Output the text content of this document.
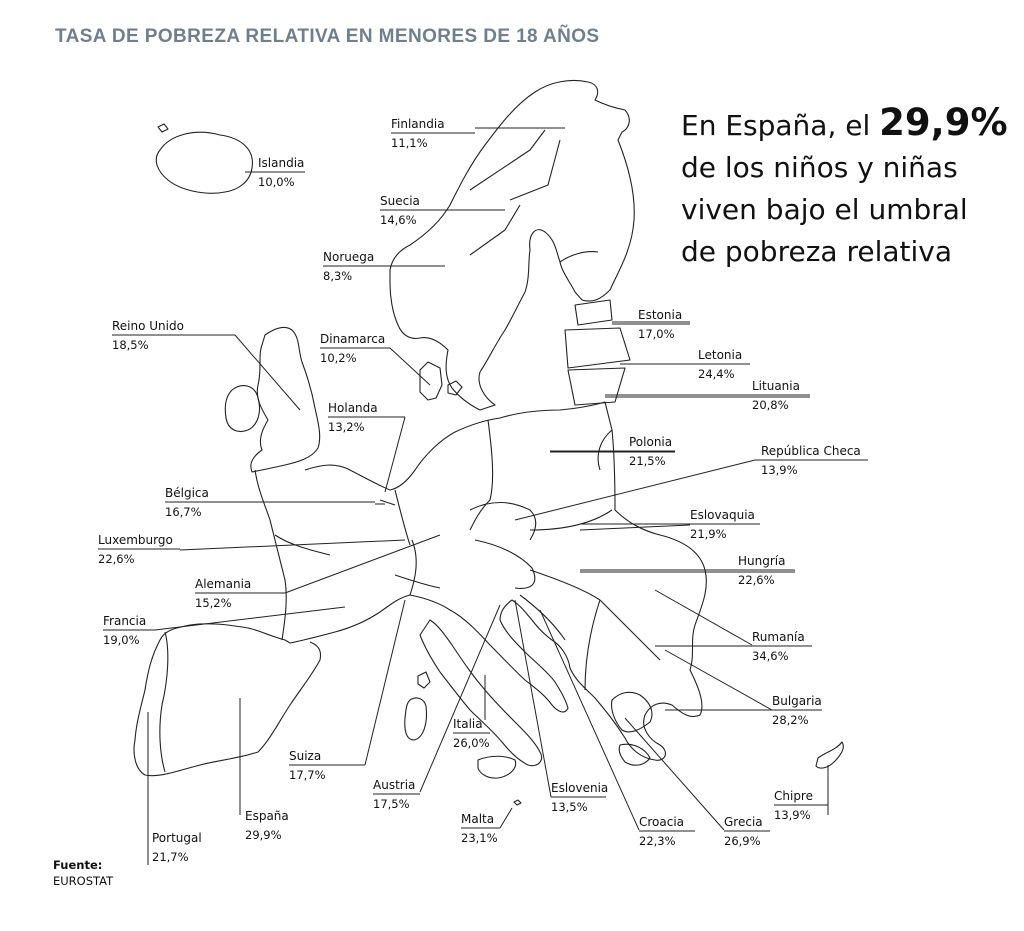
TASA DE POBREZA RELATIVA EN MENORES DE 18 AÑOS
En España, el 29,9% de los niños y niñas viven bajo el umbral de pobreza relativa
Finlandia
11,1%
Islandia
10,0%
Suecia
14,6%
Noruega
8,3%
Estonia
17,0%
Reino Unido
18,5%	Dinamarca
10,2%	Letonia
24,4%
Lituania
20,8%
Holanda
13,2%
Polonia
21,5%
República Checa
13,9%
Bélgica
16,7%	Eslovaquia
21,9%
Luxemburgo
22,6%	Hungría
22,6%
Alemania
15,2%
Francia
19,0%	Rumanía
34,6%
Bulgaria
28,2%
Italia
26,0%
Suiza
17,7%
Chipre
13,9%
Austria
17,5%
Eslovenia
13,5%
España
29,9%
Malta
23,1%
Croacia
22,3%
Grecia
26,9%
Portugal
21,7%
Fuente:
EUROSTAT
